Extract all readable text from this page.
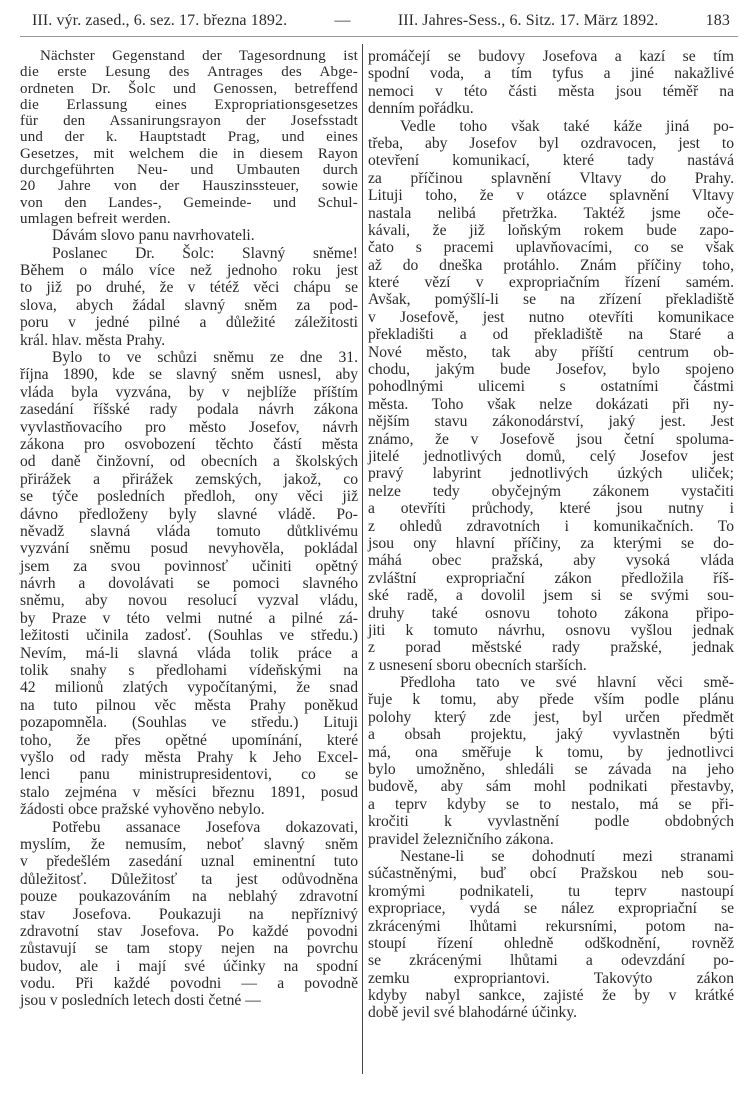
III. výr. zased., 6. sez. 17. března 1892.	—	III. Jahres-Sess., 6. Sitz. 17. März 1892.	183
Nächster Gegenstand der Tagesordnung ist
die erste Lesung des Antrages des Abge-
ordneten Dr. Šolc und Genossen, betreffend
die Erlassung eines Expropriationsgesetzes
für den Assanirungsrayon der Josefsstadt
und der k. Hauptstadt Prag, und eines
Gesetzes, mit welchem die in diesem Rayon
durchgeführten Neu- und Umbauten durch
20 Jahre von der Hauszinssteuer, sowie
von den Landes-, Gemeinde- und Schul-
umlagen befreit werden.
Dávám slovo panu navrhovateli.
Poslanec Dr. Šolc: Slavný sněme!
Během o málo více než jednoho roku jest
to již po druhé, že v tétéž věci chápu se
slova, abych žádal slavný sněm za pod-
poru v jedné pilné a důležité záležitosti
král. hlav. města Prahy.
Bylo to ve schůzi sněmu ze dne 31.
října 1890, kde se slavný sněm usnesl, aby
vláda byla vyzvána, by v nejblíže příštím
zasedání říšské rady podala návrh zákona
vyvlastňovacího pro město Josefov, návrh
zákona pro osvobození těchto částí města
od daně činžovní, od obecních a školských
přirážek a přirážek zemských, jakož, co
se týče posledních předloh, ony věci již
dávno předloženy byly slavné vládě. Po-
něvadž slavná vláda tomuto důtklivému
vyzvání sněmu posud nevyhověla, pokládal
jsem za svou povinnosť učiniti opětný
návrh a dovolávati se pomoci slavného
sněmu, aby novou resolucí vyzval vládu,
by Praze v této velmi nutné a pilné zá-
ležitosti učinila zadosť. (Souhlas ve středu.)
Nevím, má-li slavná vláda tolik práce a
tolik snahy s předlohami vídeňskými na
42 milionů zlatých vypočítanými, že snad
na tuto pilnou věc města Prahy poněkud
pozapomněla. (Souhlas ve středu.) Lituji
toho, že přes opětné upomínání, které
vyšlo od rady města Prahy k Jeho Excel-
lenci panu ministrupresidentovi, co se
stalo zejména v měsíci březnu 1891, posud
žádosti obce pražské vyhověno nebylo.
Potřebu assanace Josefova dokazovati,
myslím, že nemusím, neboť slavný sněm
v předešlém zasedání uznal eminentní tuto
důležitosť. Důležitosť ta jest odůvodněna
pouze poukazováním na neblahý zdravotní
stav Josefova. Poukazuji na nepříznivý
zdravotní stav Josefova. Po každé povodni
zůstavují se tam stopy nejen na povrchu
budov, ale i mají své účinky na spodní
vodu. Při každé povodni — a povodně
jsou v posledních letech dosti četné —
promáčejí se budovy Josefova a kazí se tím
spodní voda, a tím tyfus a jiné nakažlivé
nemoci v této části města jsou téměř na
denním pořádku.
Vedle toho však také káže jiná po-
třeba, aby Josefov byl ozdravocen, jest to
otevření komunikací, které tady nastává
za příčinou splavnění Vltavy do Prahy.
Lituji toho, že v otázce splavnění Vltavy
nastala nelibá přetržka. Taktéž jsme oče-
kávali, že již loňským rokem bude zapo-
čato s pracemi uplavňovacími, co se však
až do dneška protáhlo. Znám příčiny toho,
které vězí v expropriačním řízení samém.
Avšak, pomýšlí-li se na zřízení překladiště
v Josefově, jest nutno otevříti komunikace
překladišti a od překladiště na Staré a
Nové město, tak aby příští centrum ob-
chodu, jakým bude Josefov, bylo spojeno
pohodlnými ulicemi s ostatními částmi
města. Toho však nelze dokázati při ny-
nějším stavu zákonodárství, jaký jest. Jest
známo, že v Josefově jsou četní spoluma-
jitelé jednotlivých domů, celý Josefov jest
pravý labyrint jednotlivých úzkých uliček;
nelze tedy obyčejným zákonem vystačiti
a otevříti průchody, které jsou nutny i
z ohledů zdravotních i komunikačních. To
jsou ony hlavní příčiny, za kterými se do-
máhá obec pražská, aby vysoká vláda
zvláštní expropriační zákon předložila říš-
ské radě, a dovolil jsem si se svými sou-
druhy také osnovu tohoto zákona připo-
jiti k tomuto návrhu, osnovu vyšlou jednak
z porad městské rady pražské, jednak
z usnesení sboru obecních starších.
Předloha tato ve své hlavní věci smě-
řuje k tomu, aby přede vším podle plánu
polohy který zde jest, byl určen předmět
a obsah projektu, jaký vyvlastněn býti
má, ona směřuje k tomu, by jednotlivci
bylo umožněno, shledáli se závada na jeho
budově, aby sám mohl podnikati přestavby,
a teprv kdyby se to nestalo, má se při-
kročiti k vyvlastnění podle obdobných
pravidel železničního zákona.
Nestane-li se dohodnutí mezi stranami
súčastněnými, buď obcí Pražskou neb sou-
kromými podnikateli, tu teprv nastoupí
expropriace, vydá se nález expropriační se
zkrácenými lhůtami rekursními, potom na-
stoupí řízení ohledně odškodnění, rovněž
se zkrácenými lhůtami a odevzdání po-
zemku expropriantovi. Takovýto zákon
kdyby nabyl sankce, zajisté že by v krátké
době jevil své blahodárné účinky.
